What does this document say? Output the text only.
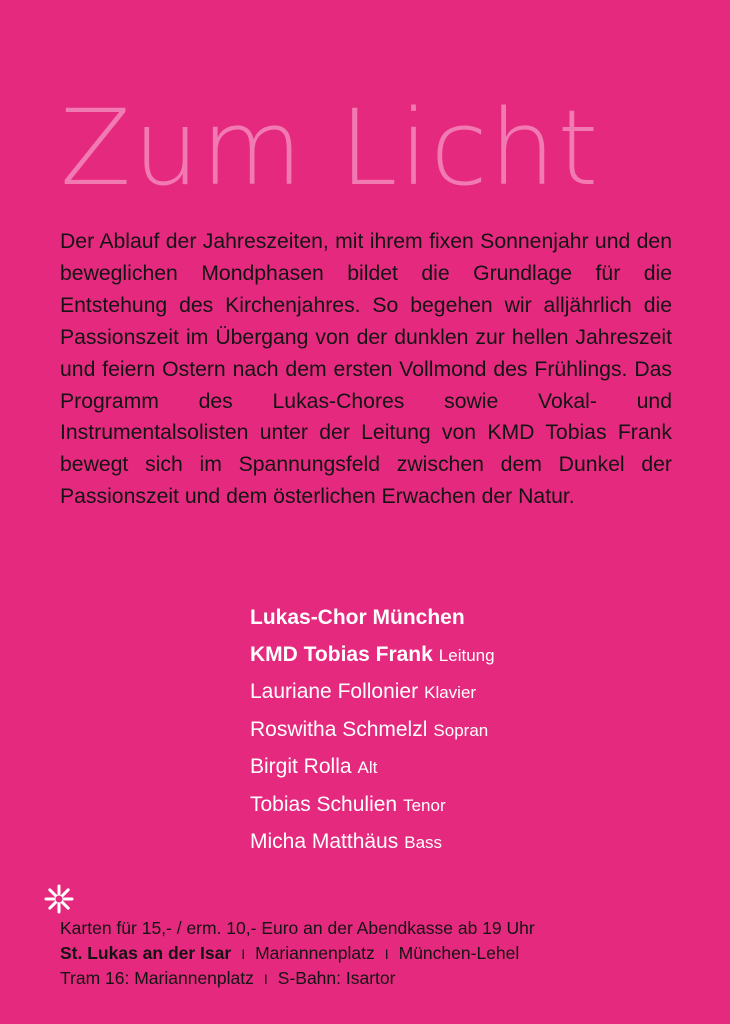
Zum Licht

Der Ablauf der Jahreszeiten, mit ihrem fixen Sonnenjahr und den beweglichen Mondphasen bildet die Grundlage für die Entstehung des Kirchenjahres. So begehen wir alljährlich die Passionszeit im Übergang von der dunklen zur hellen Jahreszeit und feiern Ostern nach dem ersten Vollmond des Frühlings. Das Programm des Lukas-Chores sowie Vokal- und Instrumentalsolisten unter der Leitung von KMD Tobias Frank bewegt sich im Spannungsfeld zwischen dem Dunkel der Passionszeit und dem österlichen Erwachen der Natur.

Lukas-Chor München
KMD Tobias Frank Leitung
Lauriane Follonier Klavier
Roswitha Schmelzl Sopran
Birgit Rolla Alt
Tobias Schulien Tenor
Micha Matthäus Bass
Karten für 15,- / erm. 10,- Euro an der Abendkasse ab 19 Uhr
St. Lukas an der Isar I Mariannenplatz I München-Lehel
Tram 16: Mariannenplatz I S-Bahn: Isartor
